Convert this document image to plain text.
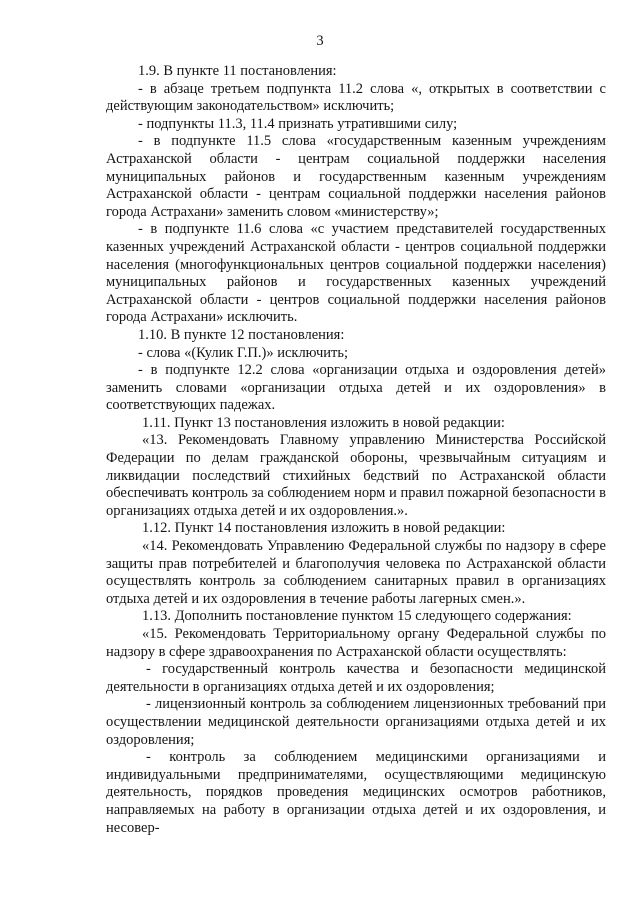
3

1.9. В пункте 11 постановления:

- в абзаце третьем подпункта 11.2 слова «, открытых в соответствии с действующим законодательством» исключить;

- подпункты 11.3, 11.4 признать утратившими силу;

- в подпункте 11.5 слова «государственным казенным учреждениям Астраханской области - центрам социальной поддержки населения муниципальных районов и государственным казенным учреждениям Астраханской области - центрам социальной поддержки населения районов города Астрахани» заменить словом «министерству»;

- в подпункте 11.6 слова «с участием представителей государственных казенных учреждений Астраханской области - центров социальной поддержки населения (многофункциональных центров социальной поддержки населения) муниципальных районов и государственных казенных учреждений Астраханской области - центров социальной поддержки населения районов города Астрахани» исключить.

1.10. В пункте 12 постановления:

- слова «(Кулик Г.П.)» исключить;

- в подпункте 12.2 слова «организации отдыха и оздоровления детей» заменить словами «организации отдыха детей и их оздоровления» в соответствующих падежах.

1.11. Пункт 13 постановления изложить в новой редакции:

«13. Рекомендовать Главному управлению Министерства Российской Федерации по делам гражданской обороны, чрезвычайным ситуациям и ликвидации последствий стихийных бедствий по Астраханской области обеспечивать контроль за соблюдением норм и правил пожарной безопасности в организациях отдыха детей и их оздоровления.».

1.12. Пункт 14 постановления изложить в новой редакции:

«14. Рекомендовать Управлению Федеральной службы по надзору в сфере защиты прав потребителей и благополучия человека по Астраханской области осуществлять контроль за соблюдением санитарных правил в организациях отдыха детей и их оздоровления в течение работы лагерных смен.».

1.13. Дополнить постановление пунктом 15 следующего содержания:

«15. Рекомендовать Территориальному органу Федеральной службы по надзору в сфере здравоохранения по Астраханской области осуществлять:

- государственный контроль качества и безопасности медицинской деятельности в организациях отдыха детей и их оздоровления;

- лицензионный контроль за соблюдением лицензионных требований при осуществлении медицинской деятельности организациями отдыха детей и их оздоровления;

- контроль за соблюдением медицинскими организациями и индивидуальными предпринимателями, осуществляющими медицинскую деятельность, порядков проведения медицинских осмотров работников, направляемых на работу в организации отдыха детей и их оздоровления, и несовер-
